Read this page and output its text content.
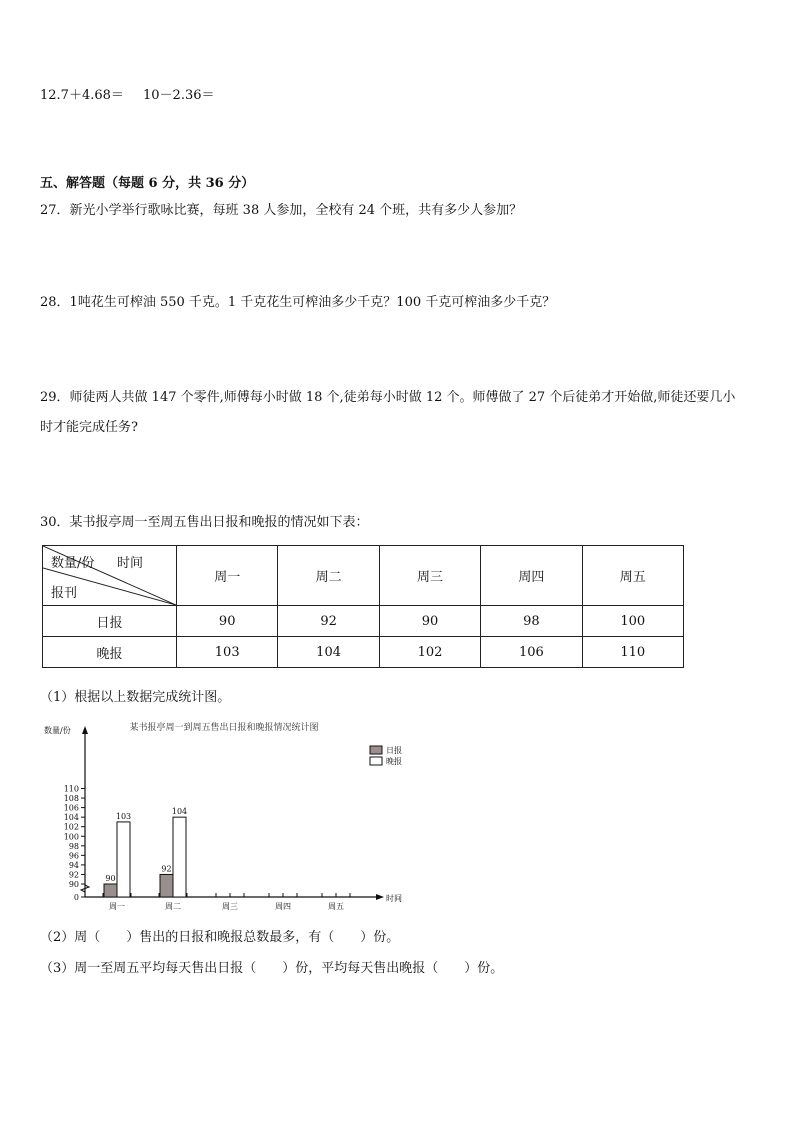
12.7＋4.68＝ 10－2.36＝
五、解答题（每题 6 分，共 36 分）
27．新光小学举行歌咏比赛，每班 38 人参加，全校有 24 个班，共有多少人参加？
28．1吨花生可榨油 550 千克。1 千克花生可榨油多少千克？100 千克可榨油多少千克？
29．师徒两人共做 147 个零件,师傅每小时做 18 个,徒弟每小时做 12 个。师傅做了 27 个后徒弟才开始做,师徒还要几小
时才能完成任务?
30．某书报亭周一至周五售出日报和晚报的情况如下表：
数量/份 时间
报刊	周一	周二	周三	周四	周五
日报	90	92	90	98	100
晚报	103	104	102	106	110
（1）根据以上数据完成统计图。
某书报亭周一到周五售出日报和晚报情况统计图
数量/份
时间
0
90
92
94
96
98
100
102
104
106
108
110
周一	周二	周三	周四	周五
90
92
103
104
日报
晚报
（2）周（　　）售出的日报和晚报总数最多，有（　　）份。
（3）周一至周五平均每天售出日报（　　）份，平均每天售出晚报（　　）份。
